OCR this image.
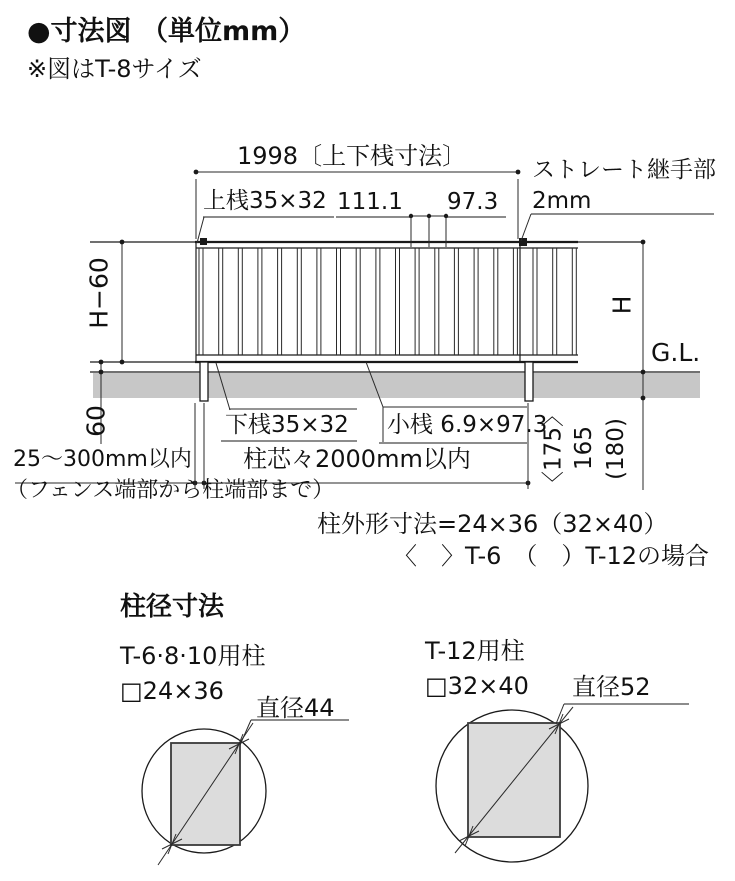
●寸法図 （単位mm）
※図はT-8サイズ
1998〔上下桟寸法〕
上桟35×32 111.1 97.3
ストレート継手部
2mm
H−60	H
G.L.
60	下桟35×32 小桟 6.9×97.3
柱芯々2000mm以内
25～300mm以内
（フェンス端部から柱端部まで）	〈175〉 165 (180)
柱外形寸法=24×36（32×40）
〈　〉T-6　（　）T-12の場合
柱径寸法
T-6·8·10用柱
□24×36
直径44
T-12用柱
□32×40 直径52
